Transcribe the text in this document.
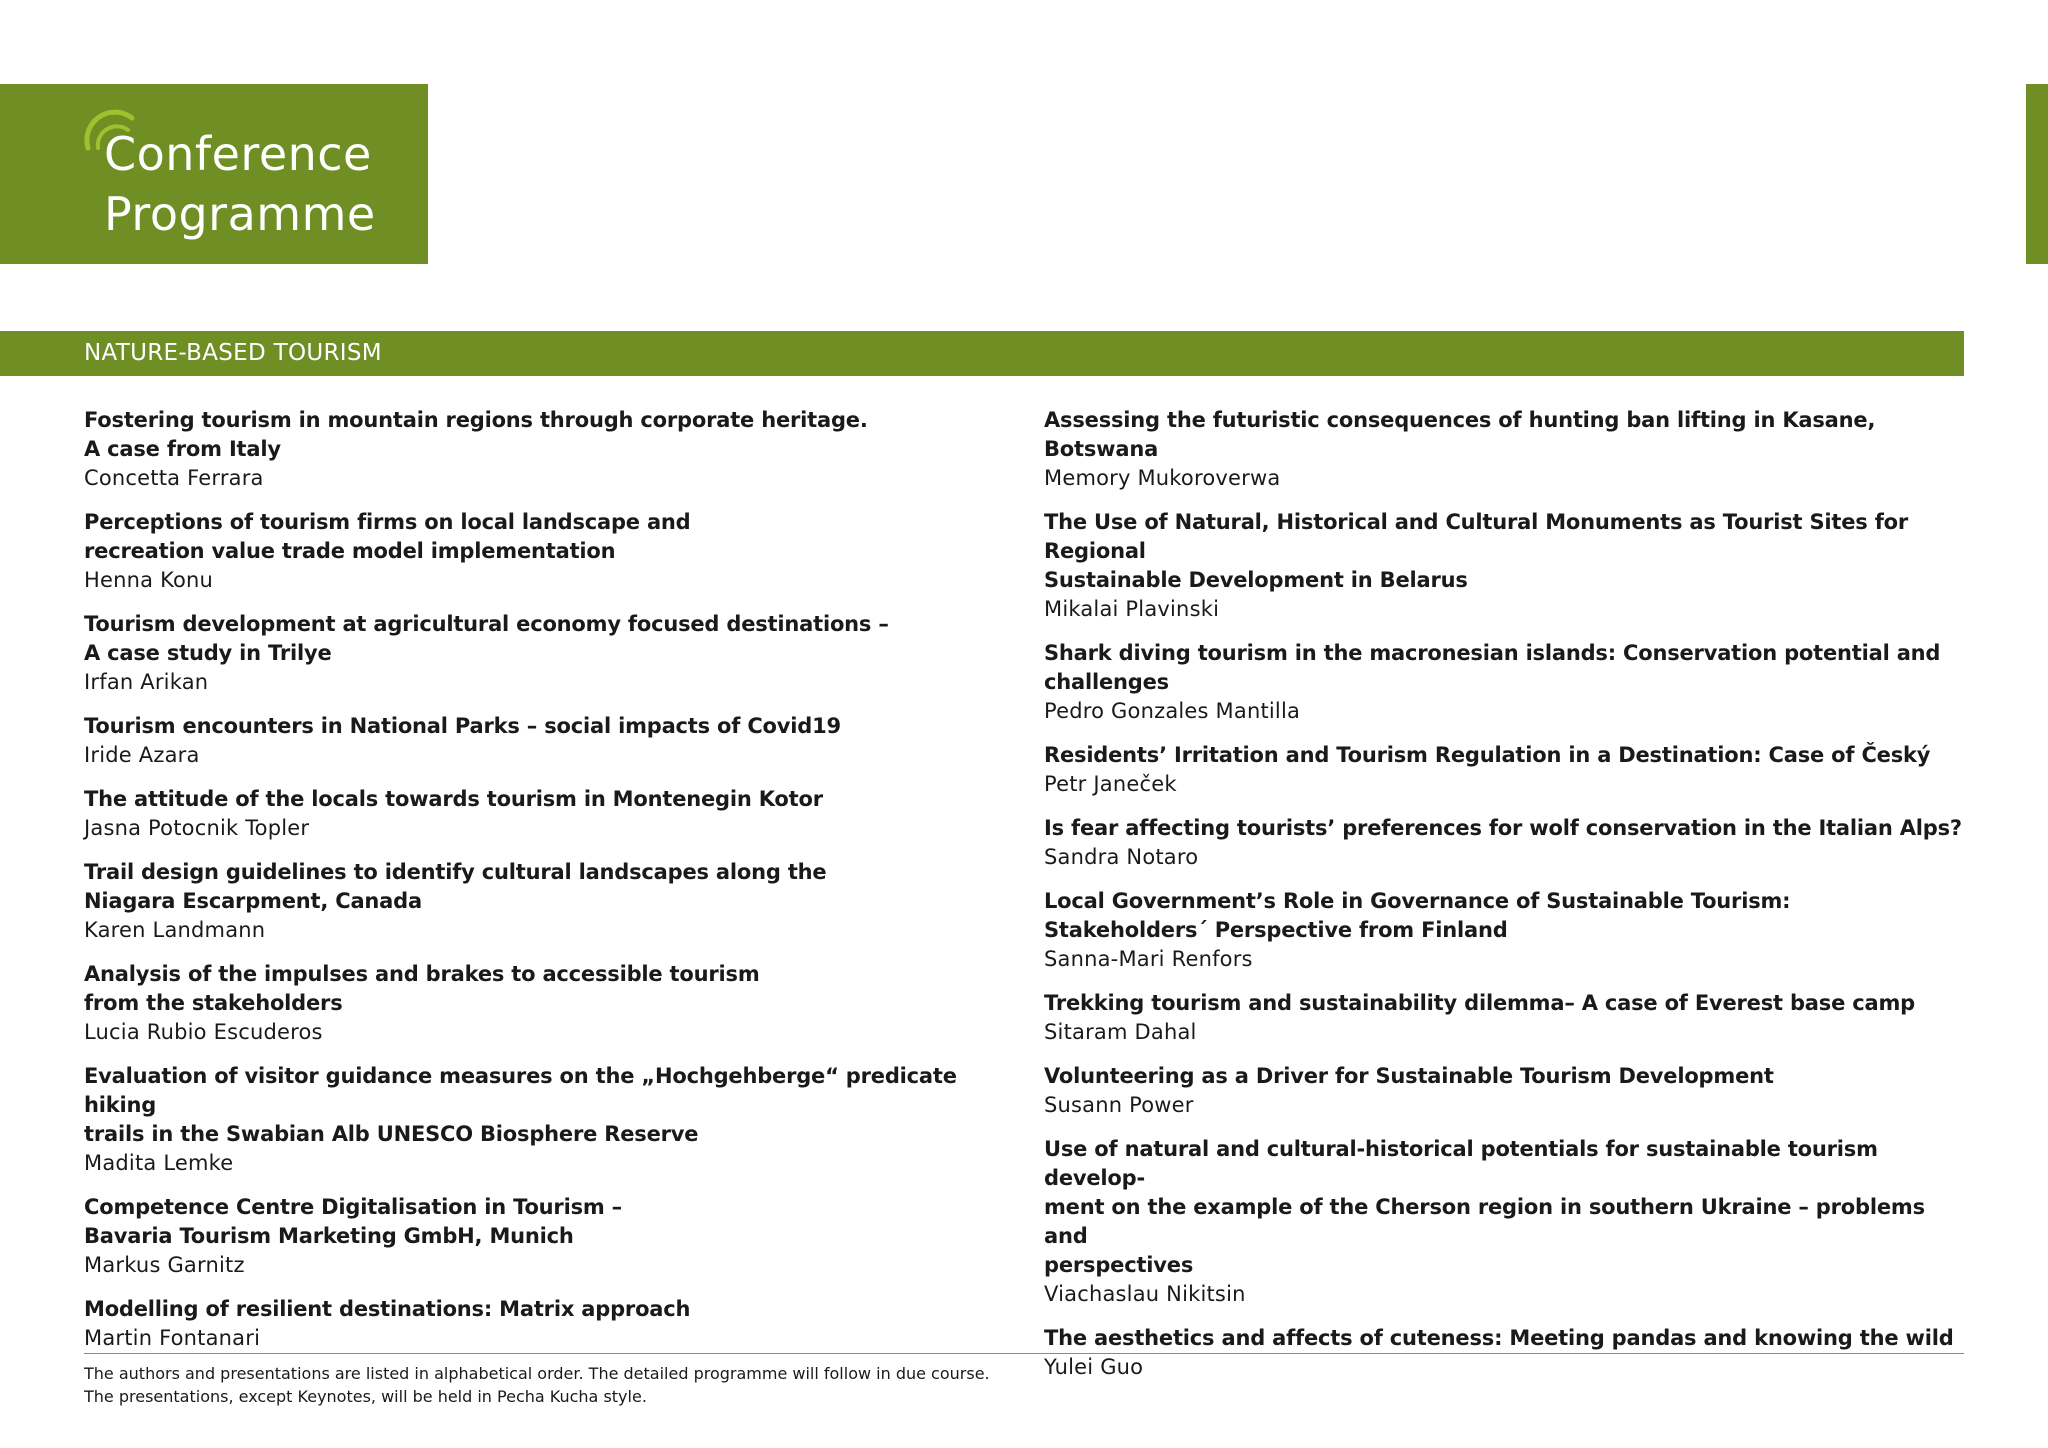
Conference
Programme
NATURE-BASED TOURISM
Fostering tourism in mountain regions through corporate heritage.
A case from Italy
Concetta Ferrara
Perceptions of tourism firms on local landscape and
recreation value trade model implementation
Henna Konu
Tourism development at agricultural economy focused destinations –
A case study in Trilye
Irfan Arikan
Tourism encounters in National Parks – social impacts of Covid19
Iride Azara
The attitude of the locals towards tourism in Montenegin Kotor
Jasna Potocnik Topler
Trail design guidelines to identify cultural landscapes along the
Niagara Escarpment, Canada
Karen Landmann
Analysis of the impulses and brakes to accessible tourism
from the stakeholders
Lucia Rubio Escuderos
Evaluation of visitor guidance measures on the „Hochgehberge“ predicate hiking
trails in the Swabian Alb UNESCO Biosphere Reserve
Madita Lemke
Competence Centre Digitalisation in Tourism –
Bavaria Tourism Marketing GmbH, Munich
Markus Garnitz
Modelling of resilient destinations: Matrix approach
Martin Fontanari
Assessing the futuristic consequences of hunting ban lifting in Kasane, Botswana
Memory Mukoroverwa
The Use of Natural, Historical and Cultural Monuments as Tourist Sites for Regional
Sustainable Development in Belarus
Mikalai Plavinski
Shark diving tourism in the macronesian islands: Conservation potential and challenges
Pedro Gonzales Mantilla
Residents’ Irritation and Tourism Regulation in a Destination: Case of Český
Petr Janeček
Is fear affecting tourists’ preferences for wolf conservation in the Italian Alps?
Sandra Notaro
Local Government’s Role in Governance of Sustainable Tourism:
Stakeholders´ Perspective from Finland
Sanna-Mari Renfors
Trekking tourism and sustainability dilemma– A case of Everest base camp
Sitaram Dahal
Volunteering as a Driver for Sustainable Tourism Development
Susann Power
Use of natural and cultural-historical potentials for sustainable tourism develop-
ment on the example of the Cherson region in southern Ukraine – problems and
perspectives
Viachaslau Nikitsin
The aesthetics and affects of cuteness: Meeting pandas and knowing the wild
Yulei Guo
The authors and presentations are listed in alphabetical order. The detailed programme will follow in due course.
The presentations, except Keynotes, will be held in Pecha Kucha style.
